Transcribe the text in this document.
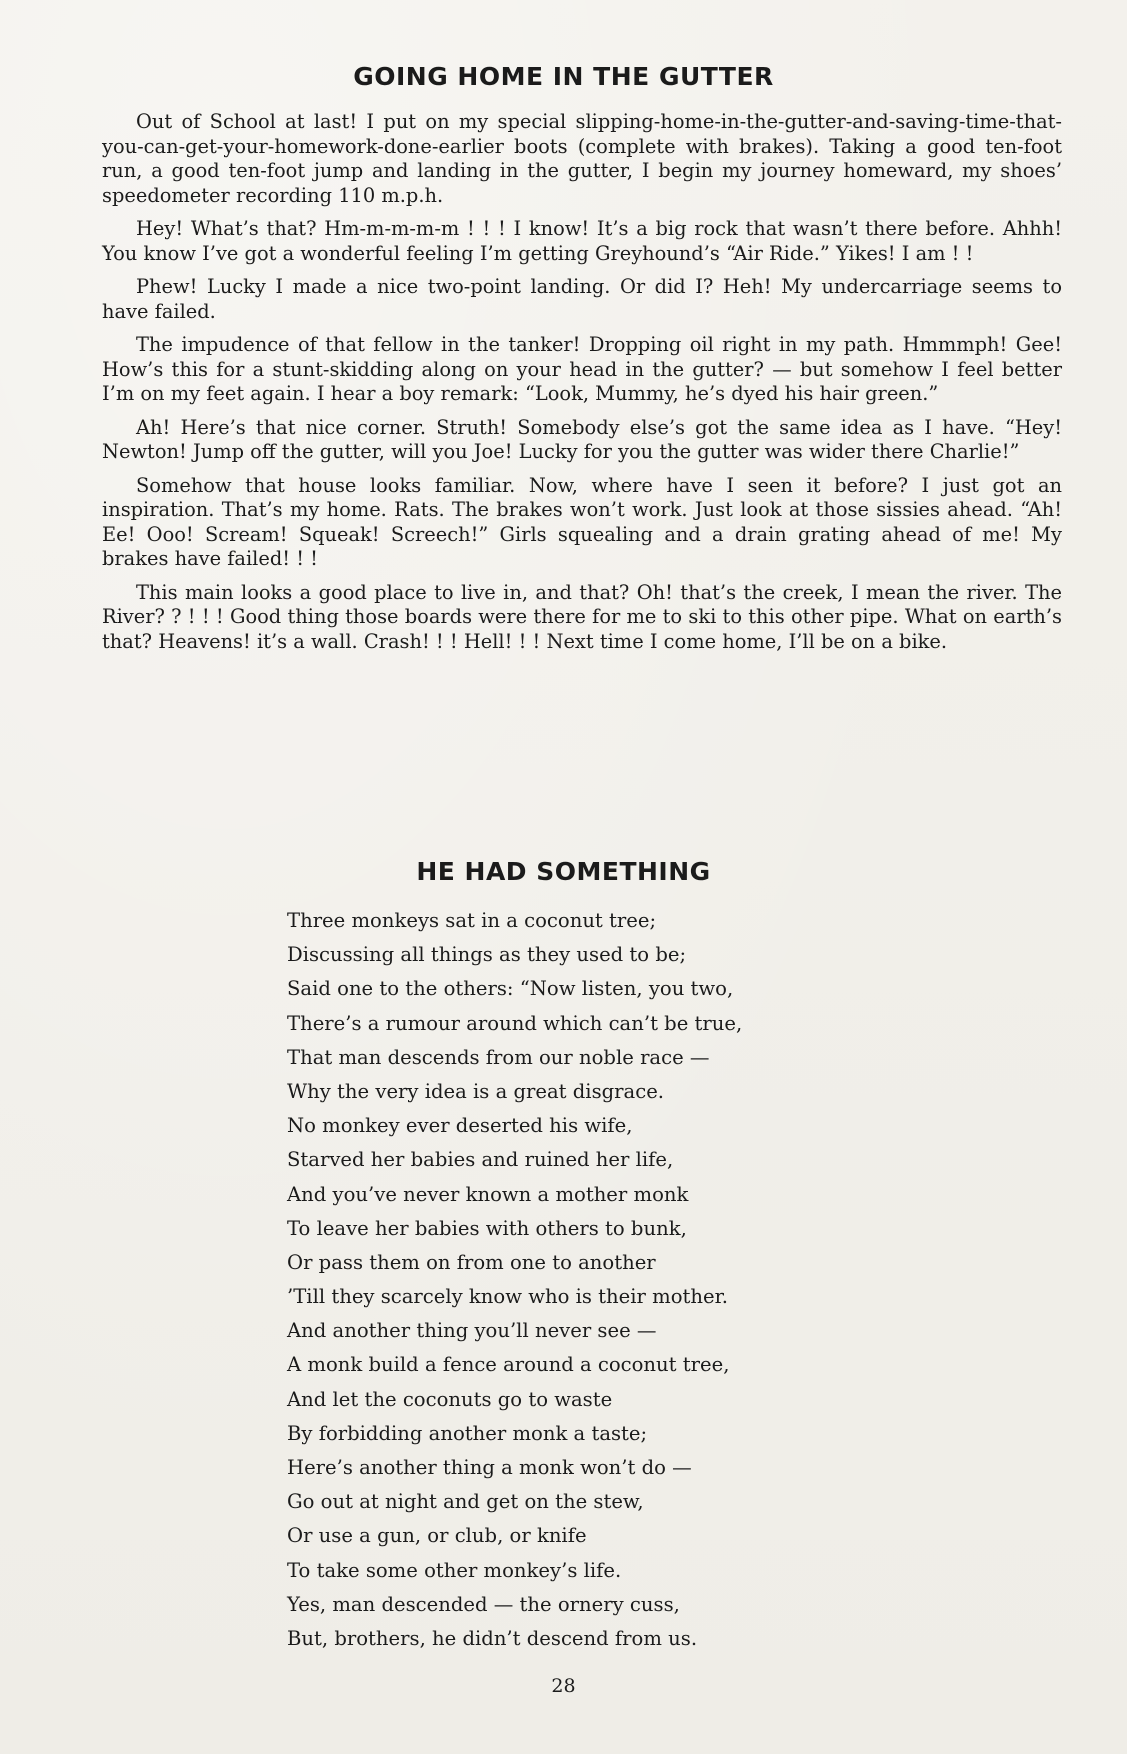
GOING HOME IN THE GUTTER

Out of School at last! I put on my special slipping-home-in-the-gutter-and-saving-time-that-you-can-get-your-homework-done-earlier boots (complete with brakes). Taking a good ten-foot run, a good ten-foot jump and landing in the gutter, I begin my journey homeward, my shoes’ speedometer recording 110 m.p.h.

Hey! What’s that? Hm-m-m-m-m ! ! ! I know! It’s a big rock that wasn’t there before. Ahhh! You know I’ve got a wonderful feeling I’m getting Greyhound’s “Air Ride.” Yikes! I am ! !

Phew! Lucky I made a nice two-point landing. Or did I? Heh! My undercarriage seems to have failed.

The impudence of that fellow in the tanker! Dropping oil right in my path. Hmmmph! Gee! How’s this for a stunt-skidding along on your head in the gutter? — but somehow I feel better I’m on my feet again. I hear a boy remark: “Look, Mummy, he’s dyed his hair green.”

Ah! Here’s that nice corner. Struth! Somebody else’s got the same idea as I have. “Hey! Newton! Jump off the gutter, will you Joe! Lucky for you the gutter was wider there Charlie!”

Somehow that house looks familiar. Now, where have I seen it before? I just got an inspiration. That’s my home. Rats. The brakes won’t work. Just look at those sissies ahead. “Ah! Ee! Ooo! Scream! Squeak! Screech!” Girls squealing and a drain grating ahead of me! My brakes have failed! ! !

This main looks a good place to live in, and that? Oh! that’s the creek, I mean the river. The River? ? ! ! ! Good thing those boards were there for me to ski to this other pipe. What on earth’s that? Heavens! it’s a wall. Crash! ! ! Hell! ! ! Next time I come home, I’ll be on a bike.

HE HAD SOMETHING
Three monkeys sat in a coconut tree;
Discussing all things as they used to be;
Said one to the others: “Now listen, you two,
There’s a rumour around which can’t be true,
That man descends from our noble race —
Why the very idea is a great disgrace.
No monkey ever deserted his wife,
Starved her babies and ruined her life,
And you’ve never known a mother monk
To leave her babies with others to bunk,
Or pass them on from one to another
’Till they scarcely know who is their mother.
And another thing you’ll never see —
A monk build a fence around a coconut tree,
And let the coconuts go to waste
By forbidding another monk a taste;
Here’s another thing a monk won’t do —
Go out at night and get on the stew,
Or use a gun, or club, or knife
To take some other monkey’s life.
Yes, man descended — the ornery cuss,
But, brothers, he didn’t descend from us.
28
